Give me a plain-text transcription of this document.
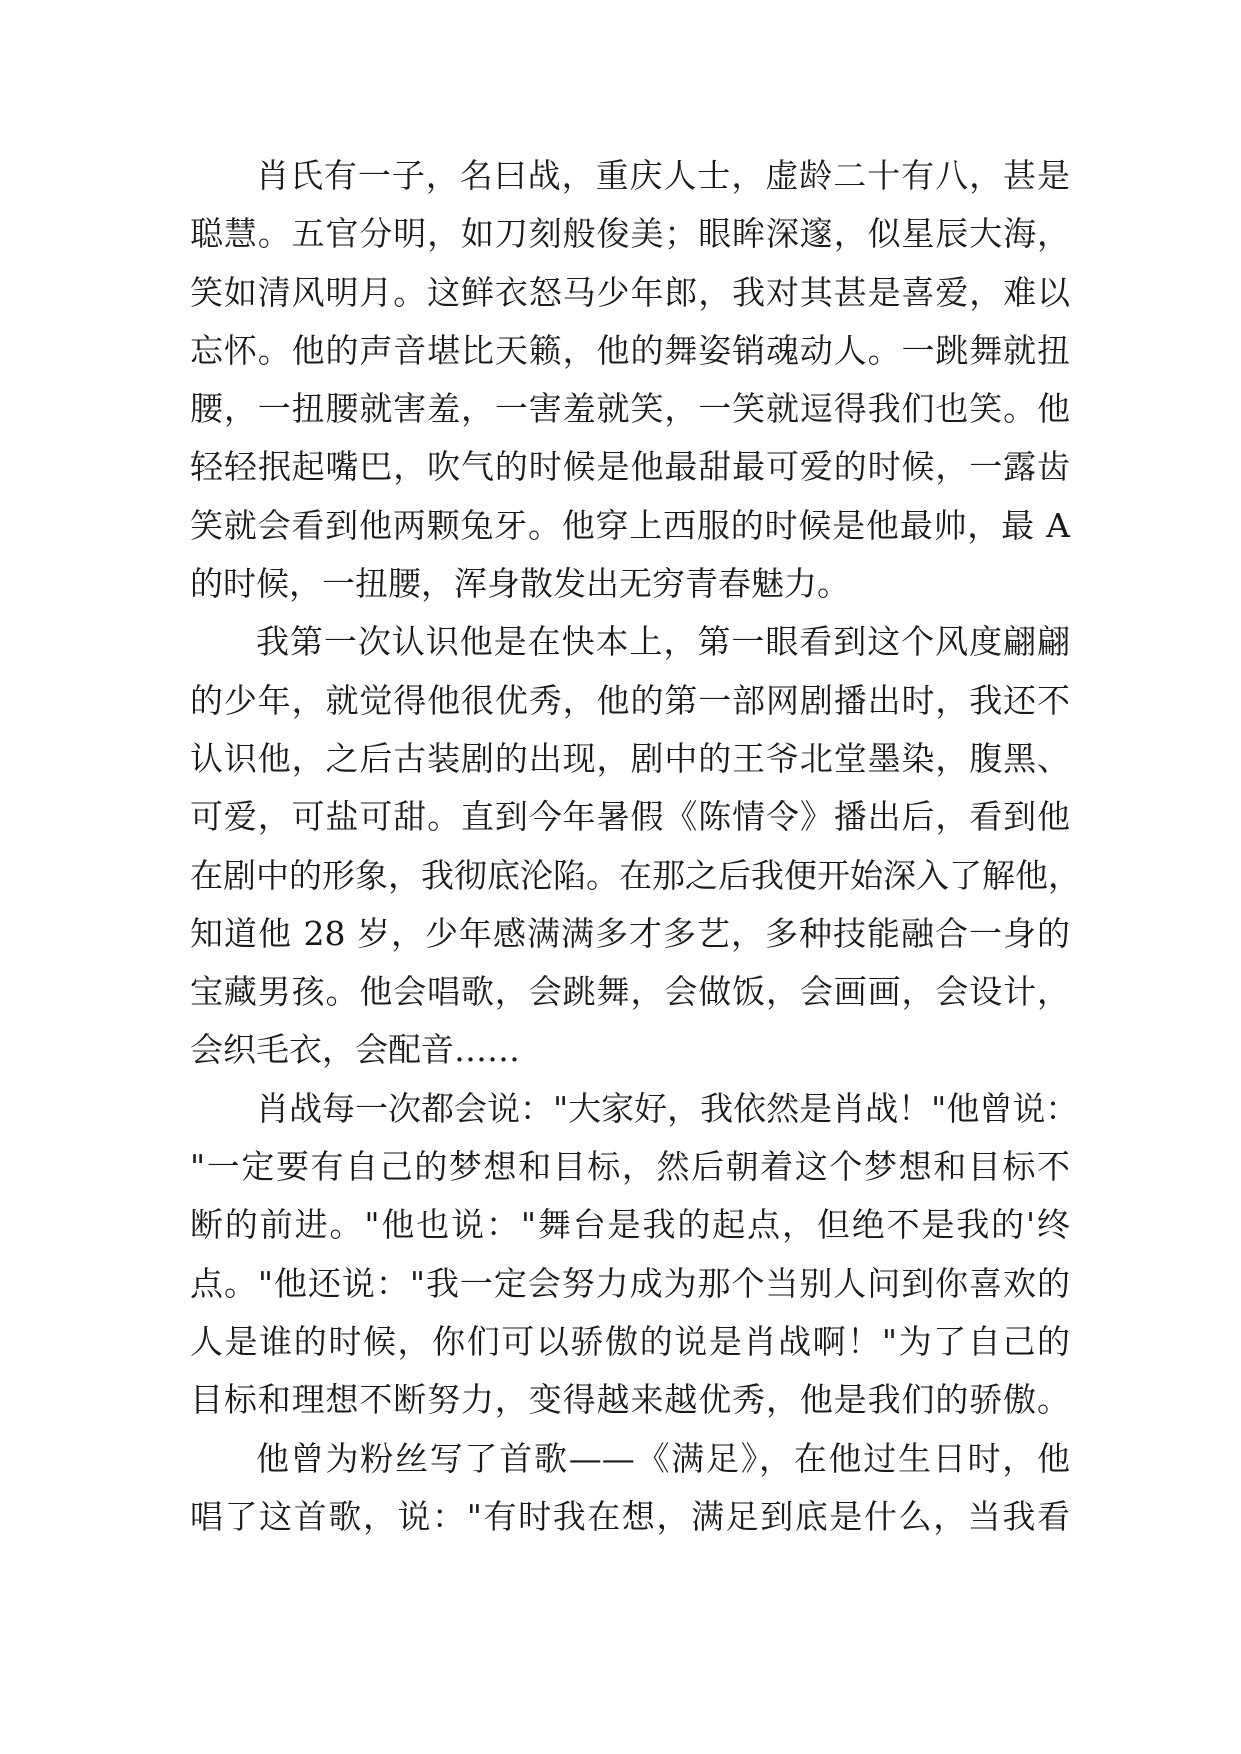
肖氏有一子，名曰战，重庆人士，虚龄二十有八，甚是
聪慧。五官分明，如刀刻般俊美；眼眸深邃，似星辰大海，
笑如清风明月。这鲜衣怒马少年郎，我对其甚是喜爱，难以
忘怀。他的声音堪比天籁，他的舞姿销魂动人。一跳舞就扭
腰，一扭腰就害羞，一害羞就笑，一笑就逗得我们也笑。他
轻轻抿起嘴巴，吹气的时候是他最甜最可爱的时候，一露齿
笑就会看到他两颗兔牙。他穿上西服的时候是他最帅，最 A
的时候，一扭腰，浑身散发出无穷青春魅力。
我第一次认识他是在快本上，第一眼看到这个风度翩翩
的少年，就觉得他很优秀，他的第一部网剧播出时，我还不
认识他，之后古装剧的出现，剧中的王爷北堂墨染，腹黑、
可爱，可盐可甜。直到今年暑假《陈情令》播出后，看到他
在剧中的形象，我彻底沦陷。在那之后我便开始深入了解他，
知道他 28 岁，少年感满满多才多艺，多种技能融合一身的
宝藏男孩。他会唱歌，会跳舞，会做饭，会画画，会设计，
会织毛衣，会配音……
肖战每一次都会说："大家好，我依然是肖战！"他曾说：
"一定要有自己的梦想和目标，然后朝着这个梦想和目标不
断的前进。"他也说："舞台是我的起点，但绝不是我的'终
点。"他还说："我一定会努力成为那个当别人问到你喜欢的
人是谁的时候，你们可以骄傲的说是肖战啊！"为了自己的
目标和理想不断努力，变得越来越优秀，他是我们的骄傲。
他曾为粉丝写了首歌——《满足》，在他过生日时，他
唱了这首歌，说："有时我在想，满足到底是什么，当我看
